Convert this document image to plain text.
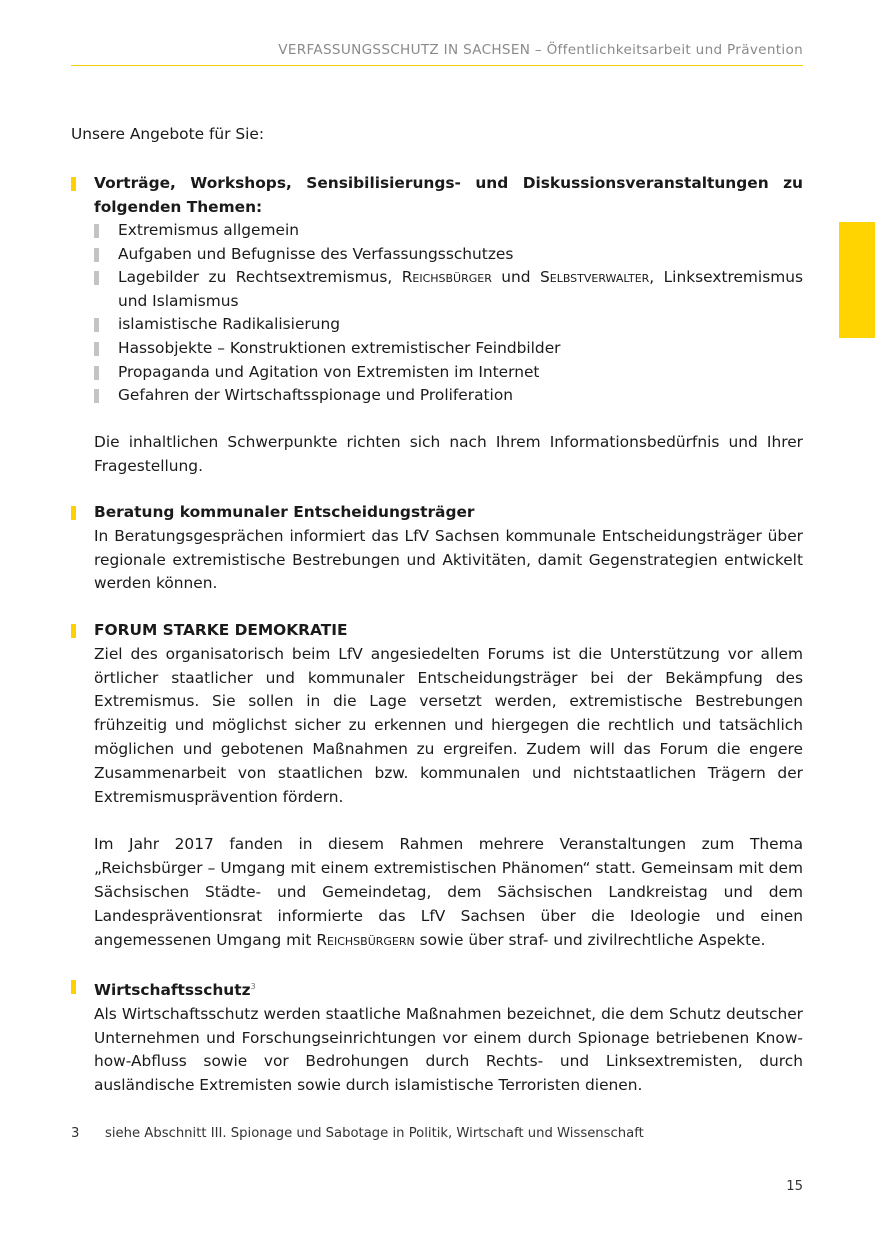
VERFASSUNGSSCHUTZ IN SACHSEN – Öffentlichkeitsarbeit und Prävention

Unsere Angebote für Sie:

Vorträge, Workshops, Sensibilisierungs- und Diskussionsveranstaltungen zu folgenden Themen:
Extremismus allgemein
Aufgaben und Befugnisse des Verfassungsschutzes
Lagebilder zu Rechtsextremismus, Reichsbürger und Selbstverwalter, Linksextremismus und Islamismus
islamistische Radikalisierung
Hassobjekte – Konstruktionen extremistischer Feindbilder
Propaganda und Agitation von Extremisten im Internet
Gefahren der Wirtschaftsspionage und Proliferation

Die inhaltlichen Schwerpunkte richten sich nach Ihrem Informationsbedürfnis und Ihrer Fragestellung.

Beratung kommunaler Entscheidungsträger

In Beratungsgesprächen informiert das LfV Sachsen kommunale Entscheidungsträger über regionale extremistische Bestrebungen und Aktivitäten, damit Gegenstrategien entwickelt werden können.

FORUM STARKE DEMOKRATIE

Ziel des organisatorisch beim LfV angesiedelten Forums ist die Unterstützung vor allem örtlicher staatlicher und kommunaler Entscheidungsträger bei der Bekämpfung des Extremismus. Sie sollen in die Lage versetzt werden, extremistische Bestrebungen frühzeitig und möglichst sicher zu erkennen und hiergegen die rechtlich und tatsächlich möglichen und gebotenen Maßnahmen zu ergreifen. Zudem will das Forum die engere Zusammenarbeit von staatlichen bzw. kommunalen und nichtstaatlichen Trägern der Extremismusprävention fördern.

Im Jahr 2017 fanden in diesem Rahmen mehrere Veranstaltungen zum Thema „Reichsbürger – Umgang mit einem extremistischen Phänomen“ statt. Gemeinsam mit dem Sächsischen Städte- und Gemeindetag, dem Sächsischen Landkreistag und dem Landespräventionsrat informierte das LfV Sachsen über die Ideologie und einen angemessenen Umgang mit Reichsbürgern sowie über straf- und zivilrechtliche Aspekte.

Wirtschaftsschutz$^3$

Als Wirtschaftsschutz werden staatliche Maßnahmen bezeichnet, die dem Schutz deutscher Unternehmen und Forschungseinrichtungen vor einem durch Spionage betriebenen Know-how-Abfluss sowie vor Bedrohungen durch Rechts- und Linksextremisten, durch ausländische Extremisten sowie durch islamistische Terroristen dienen.

3 siehe Abschnitt III. Spionage und Sabotage in Politik, Wirtschaft und Wissenschaft
15
